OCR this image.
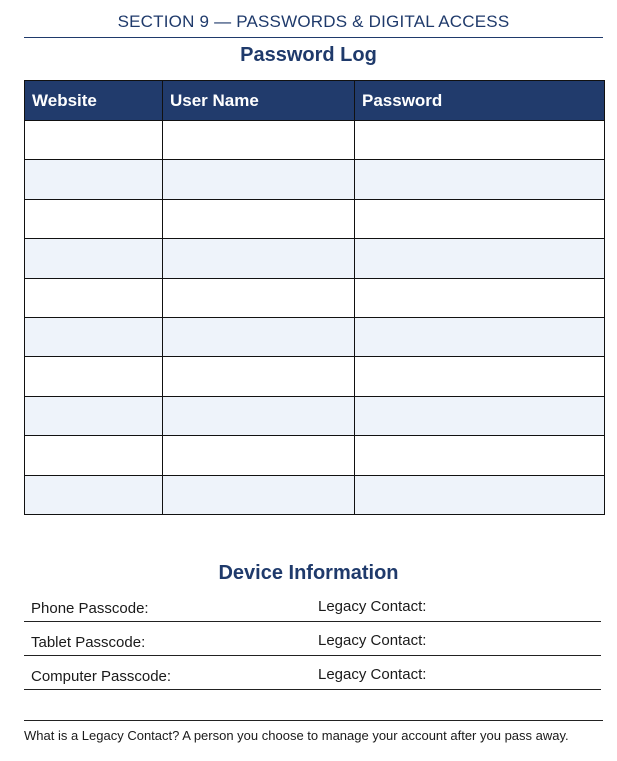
SECTION 9 — PASSWORDS & DIGITAL ACCESS
Password Log
Website	User Name	Password

Device Information
Phone Passcode:	Legacy Contact:
Tablet Passcode:	Legacy Contact:
Computer Passcode:	Legacy Contact:
What is a Legacy Contact? A person you choose to manage your account after you pass away.
